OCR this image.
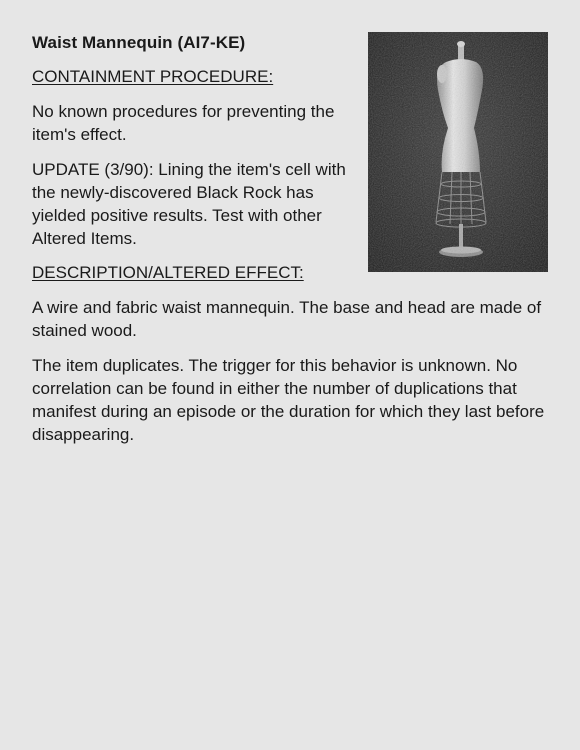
Waist Mannequin (AI7-KE)
CONTAINMENT PROCEDURE:

No known procedures for preventing the item's effect.

UPDATE (3/90): Lining the item's cell with the newly-discovered Black Rock has yielded positive results. Test with other Altered Items.

DESCRIPTION/ALTERED EFFECT:

A wire and fabric waist mannequin. The base and head are made of stained wood.

The item duplicates. The trigger for this behavior is unknown. No correlation can be found in either the number of duplications that manifest during an episode or the duration for which they last before disappearing.
